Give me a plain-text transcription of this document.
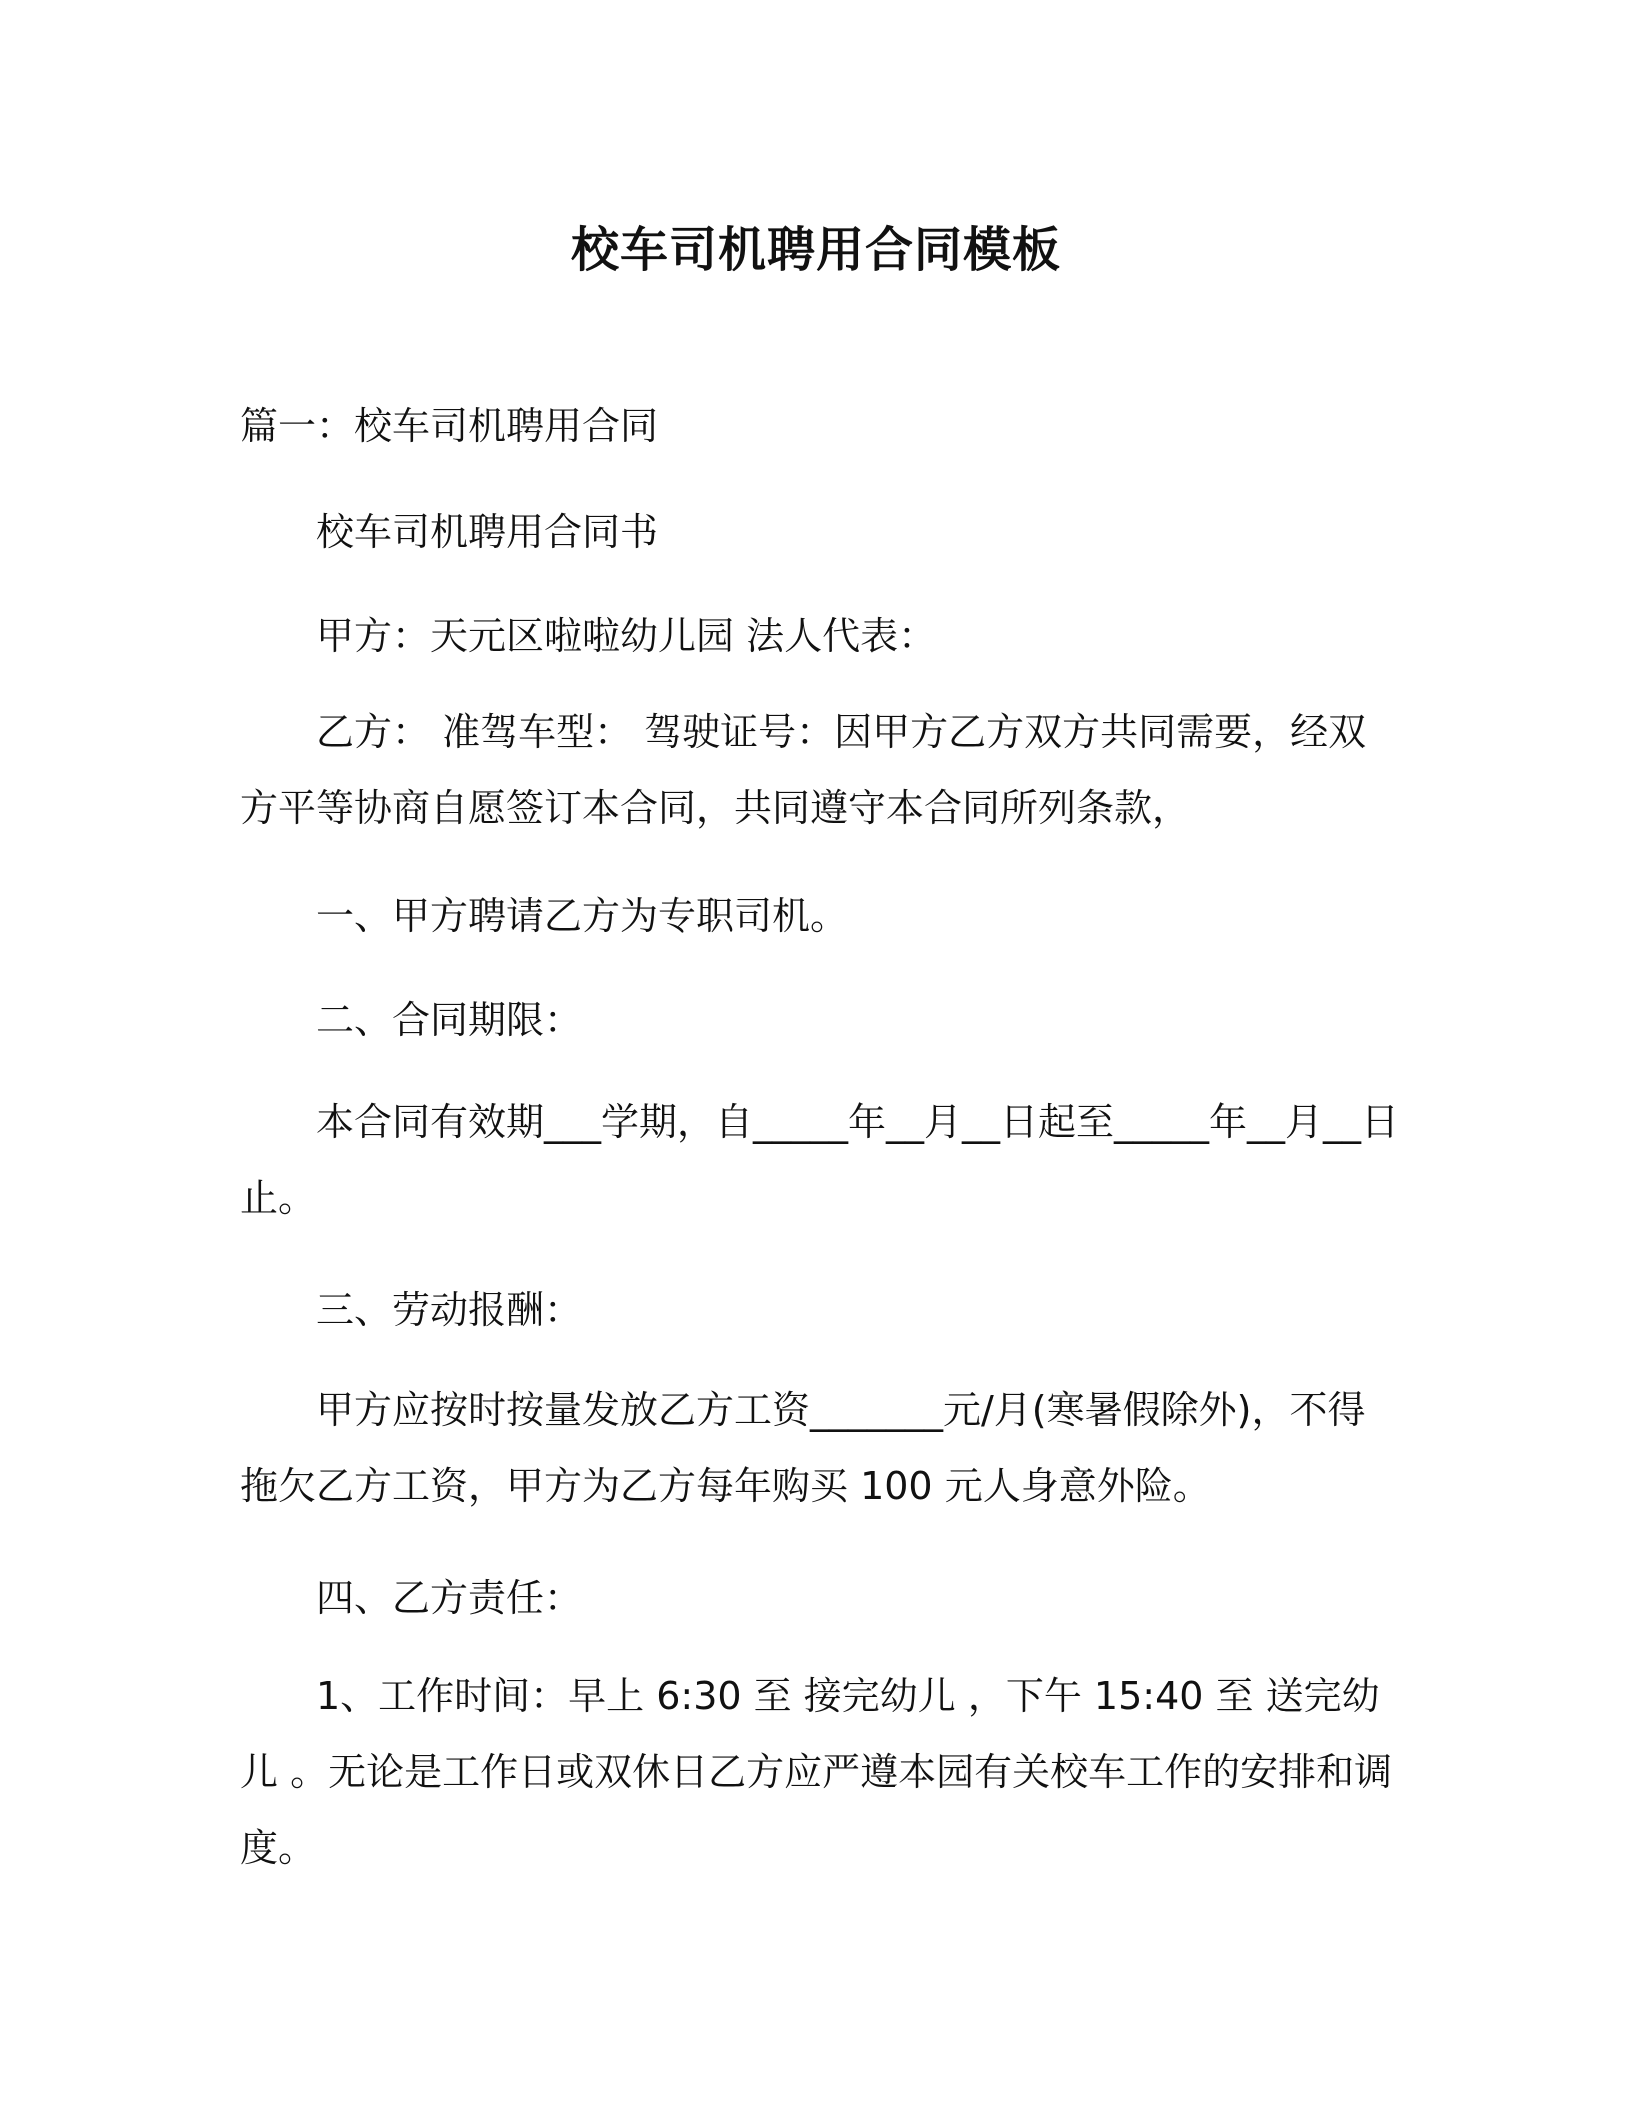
校车司机聘用合同模板
篇一：校车司机聘用合同
校车司机聘用合同书
甲方：天元区啦啦幼儿园 法人代表：
乙方： 准驾车型： 驾驶证号：因甲方乙方双方共同需要，经双方平等协商自愿签订本合同，共同遵守本合同所列条款，
一、甲方聘请乙方为专职司机。
二、合同期限：
本合同有效期___学期，自_____年__月__日起至_____年__月__日止。
三、劳动报酬：
甲方应按时按量发放乙方工资_______元/月(寒暑假除外)，不得拖欠乙方工资，甲方为乙方每年购买 100 元人身意外险。
四、乙方责任：
1、工作时间：早上 6:30 至 接完幼儿 ，下午 15:40 至 送完幼儿 。无论是工作日或双休日乙方应严遵本园有关校车工作的安排和调度。
